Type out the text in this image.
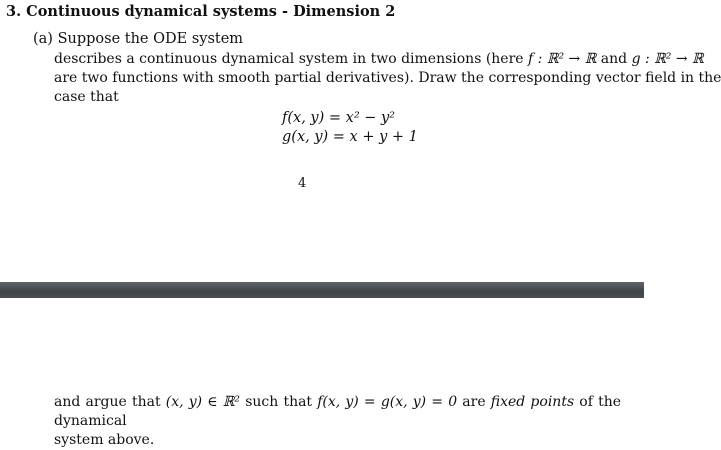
3. Continuous dynamical systems - Dimension 2
(a) Suppose the ODE system
describes a continuous dynamical system in two dimensions (here f : ℝ² → ℝ and g : ℝ² → ℝ
are two functions with smooth partial derivatives). Draw the corresponding vector field in the
case that
f(x, y) = x² − y²
g(x, y) = x + y + 1
4
and argue that (x, y) ∈ ℝ² such that f(x, y) = g(x, y) = 0 are fixed points of the dynamical
system above.
